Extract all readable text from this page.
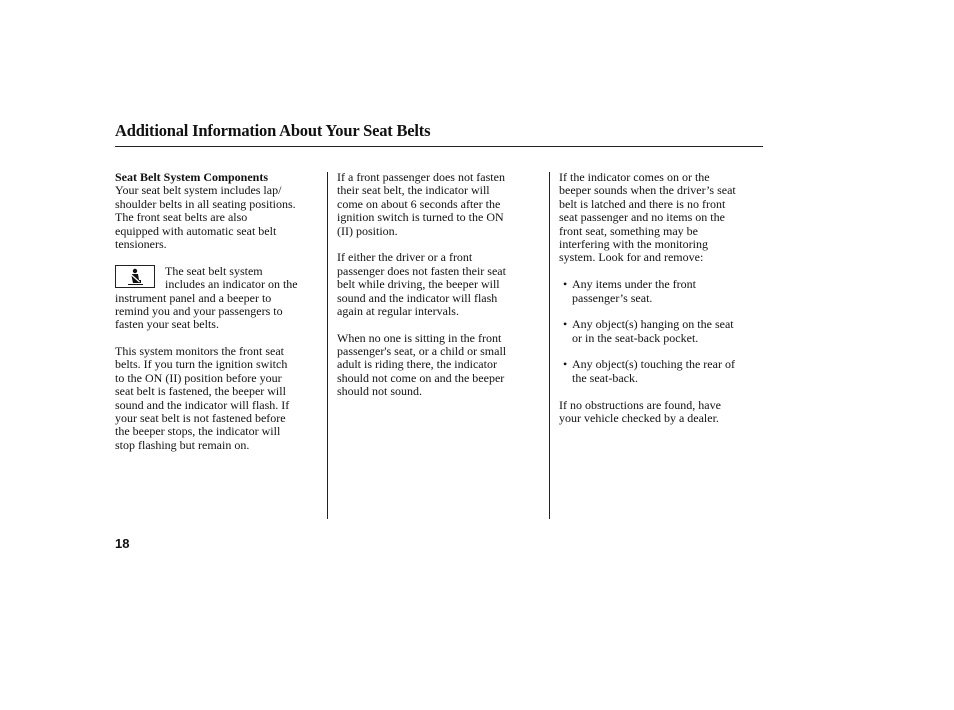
Additional Information About Your Seat Belts
Seat Belt System Components
Your seat belt system includes lap/
shoulder belts in all seating positions.
The front seat belts are also
equipped with automatic seat belt
tensioners.
The seat belt system
includes an indicator on the
instrument panel and a beeper to
remind you and your passengers to
fasten your seat belts.
This system monitors the front seat
belts. If you turn the ignition switch
to the ON (II) position before your
seat belt is fastened, the beeper will
sound and the indicator will flash. If
your seat belt is not fastened before
the beeper stops, the indicator will
stop flashing but remain on.
If a front passenger does not fasten
their seat belt, the indicator will
come on about 6 seconds after the
ignition switch is turned to the ON
(II) position.
If either the driver or a front
passenger does not fasten their seat
belt while driving, the beeper will
sound and the indicator will flash
again at regular intervals.
When no one is sitting in the front
passenger's seat, or a child or small
adult is riding there, the indicator
should not come on and the beeper
should not sound.
If the indicator comes on or the
beeper sounds when the driver’s seat
belt is latched and there is no front
seat passenger and no items on the
front seat, something may be
interfering with the monitoring
system. Look for and remove:
• Any items under the front
passenger’s seat.
• Any object(s) hanging on the seat
or in the seat-back pocket.
• Any object(s) touching the rear of
the seat-back.
If no obstructions are found, have
your vehicle checked by a dealer.
18
